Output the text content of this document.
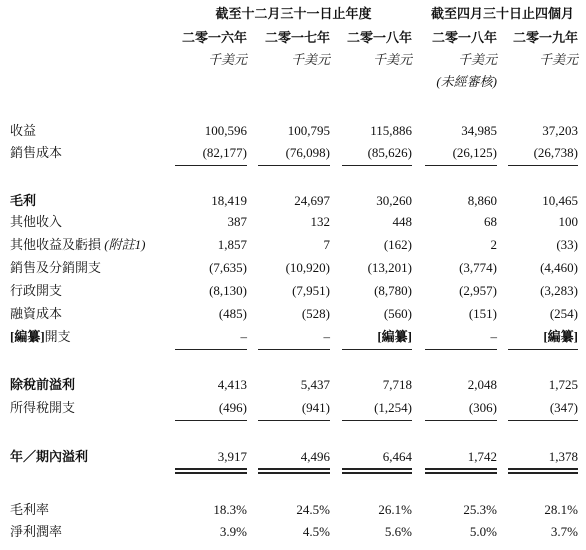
截至十二月三十一日止年度	截至四月三十日止四個月
二零一六年	二零一七年	二零一八年	二零一八年	二零一九年
千美元	千美元	千美元	千美元	千美元
(未經審核)
收益	100,596	100,795	115,886	34,985	37,203
銷售成本	(82,177)	(76,098)	(85,626)	(26,125)	(26,738)
毛利	18,419	24,697	30,260	8,860	10,465
其他收入	387	132	448	68	100
其他收益及虧損 (附註1)	1,857	7	(162)	2	(33)
銷售及分銷開支	(7,635)	(10,920)	(13,201)	(3,774)	(4,460)
行政開支	(8,130)	(7,951)	(8,780)	(2,957)	(3,283)
融資成本	(485)	(528)	(560)	(151)	(254)
[編纂]開支	–	–	[編纂]	–	[編纂]
除稅前溢利	4,413	5,437	7,718	2,048	1,725
所得稅開支	(496)	(941)	(1,254)	(306)	(347)
年／期內溢利	3,917	4,496	6,464	1,742	1,378
毛利率	18.3%	24.5%	26.1%	25.3%	28.1%
淨利潤率	3.9%	4.5%	5.6%	5.0%	3.7%
